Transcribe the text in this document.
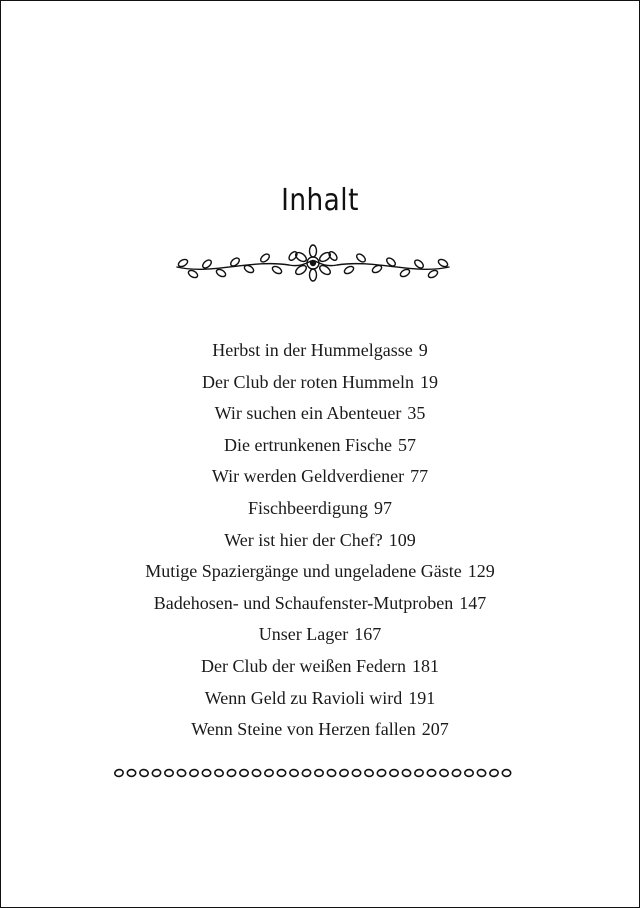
Inhalt
Herbst in der Hummelgasse 9
Der Club der roten Hummeln 19
Wir suchen ein Abenteuer 35
Die ertrunkenen Fische 57
Wir werden Geldverdiener 77
Fischbeerdigung 97
Wer ist hier der Chef? 109
Mutige Spaziergänge und ungeladene Gäste 129
Badehosen- und Schaufenster-Mutproben 147
Unser Lager 167
Der Club der weißen Federn 181
Wenn Geld zu Ravioli wird 191
Wenn Steine von Herzen fallen 207
